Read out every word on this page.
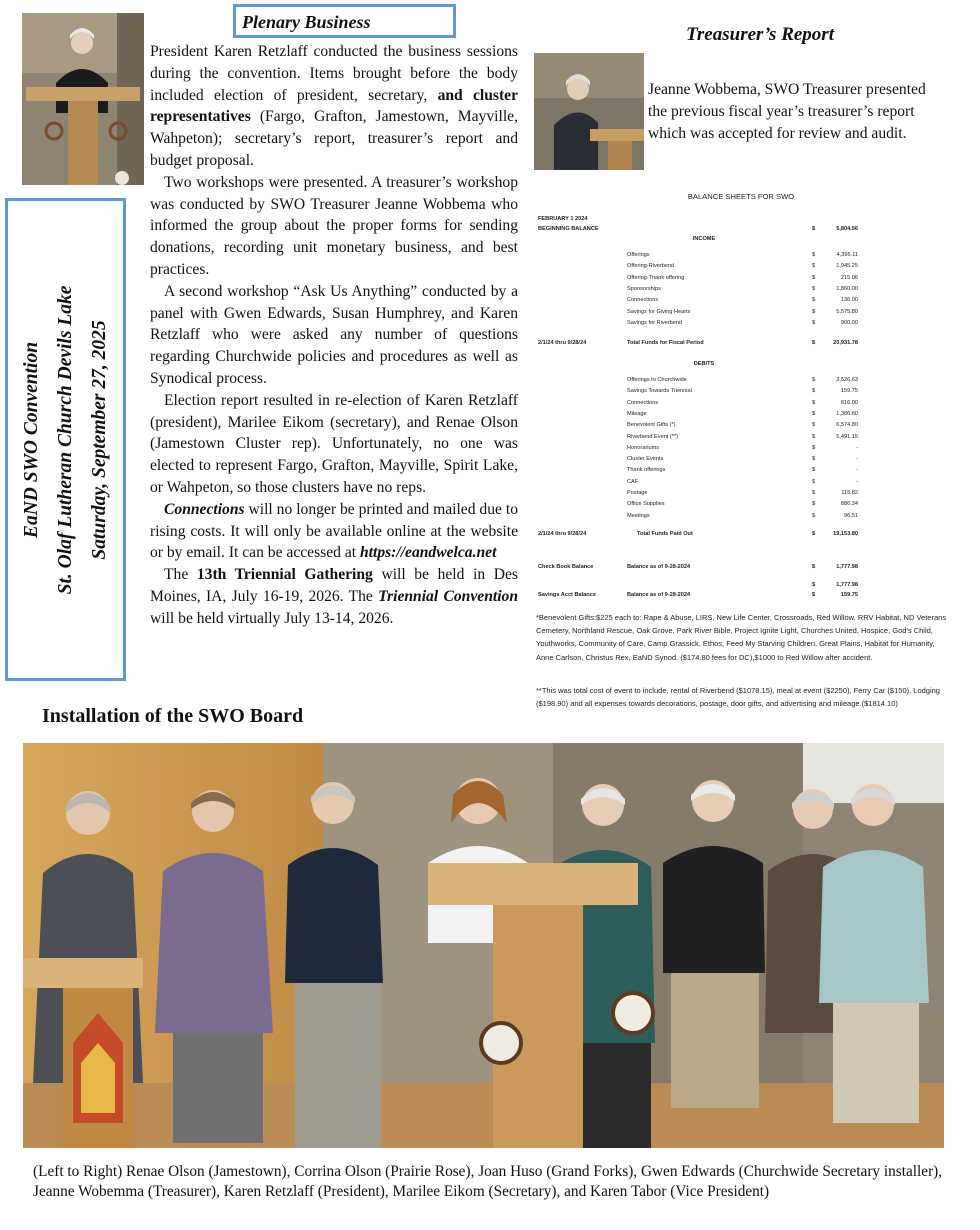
Plenary Business

President Karen Retzlaff conducted the business sessions during the convention. Items brought before the body included election of president, secretary, and cluster representatives (Fargo, Grafton, Jamestown, Mayville, Wahpeton); secretary’s report, treasurer’s report and budget proposal.

Two workshops were presented. A treasurer’s workshop was conducted by SWO Treasurer Jeanne Wobbema who informed the group about the proper forms for sending donations, recording unit monetary business, and best practices.

A second workshop “Ask Us Anything” conducted by a panel with Gwen Edwards, Susan Humphrey, and Karen Retzlaff who were asked any number of questions regarding Churchwide policies and procedures as well as Synodical process.

Election report resulted in re-election of Karen Retzlaff (president), Marilee Eikom (secretary), and Renae Olson (Jamestown Cluster rep). Unfortunately, no one was elected to represent Fargo, Grafton, Mayville, Spirit Lake, or Wahpeton, so those clusters have no reps.

Connections will no longer be printed and mailed due to rising costs. It will only be available online at the website or by email. It can be accessed at https://eandwelca.net

The 13th Triennial Gathering will be held in Des Moines, IA, July 16-19, 2026. The Triennial Convention will be held virtually July 13-14, 2026.

EaND SWO Convention St. Olaf Lutheran Church Devils Lake Saturday, September 27, 2025
Treasurer’s Report
Jeanne Wobbema, SWO Treasurer presented the previous fiscal year’s treasurer’s report which was accepted for review and audit.
BALANCE SHEETS FOR SWO
FEBRUARY 1 2024
BEGINNING BALANCE	$	5,804.56
INCOME
Offerings	$	4,395.11
Offering-Riverbend	$	1,945.25
Offering-Thank offering	$	215.06
Sponsorships	$	1,860.00
Connections	$	136.00
Savings for Giving Hearts	$	5,575.80
Savings for Riverbend	$	900.00
2/1/24 thru 9/28/24	Total Funds for Fiscal Period	$	20,931.78
DEBITS
Offerings to Churchwide	$	3,526.63
Savings Towards Triennial	$	159.75
Connections	$	616.00
Mileage	$	1,386.60
Benevolent Gifts (*)	$	6,574.80
Riverbend Event (**)	$	5,491.15
Honorariums	$	-
Cluster Events	$	-
Thank offerings	$	-
CAF	$	-
Postage	$	115.82
Office Supplies	$	886.34
Meetings	$	96.51
2/1/24 thru 9/28/24	Total Funds Paid Out	$	19,153.80
Check Book Balance	Balance as of 9-28-2024	$	1,777.98
$	1,777.98
Savings Acct Balance	Balance as of 9-28-2024	$	159.75
*Benevolent Gifts:$225 each to: Rape & Abuse, LIRS, New Life Center, Crossroads, Red Willow, RRV Habitat, ND Veterans Cemetery, Northland Rescue, Oak Grove, Park River Bible, Project Ignite Light, Churches United, Hospice, God's Child, Youthworks, Community of Care, Camp Grassick, Ethos, Feed My Starving Children, Great Plains, Habitat for Humanity, Anne Carlson, Christus Rex, EaND Synod. ($174.80 fees for DC),$1000 to Red Willow after accident.
**This was total cost of event to include, rental of Riverbend ($1078.15), meal at event ($2250), Ferry Car ($150), Lodging ($198.90) and all expenses towards decorations, postage, door gifts, and advertising and mileage.($1814.10)
Installation of the SWO Board
(Left to Right) Renae Olson (Jamestown), Corrina Olson (Prairie Rose), Joan Huso (Grand Forks), Gwen Edwards (Churchwide Secretary installer), Jeanne Wobemma (Treasurer), Karen Retzlaff (President), Marilee Eikom (Secretary), and Karen Tabor (Vice President)
